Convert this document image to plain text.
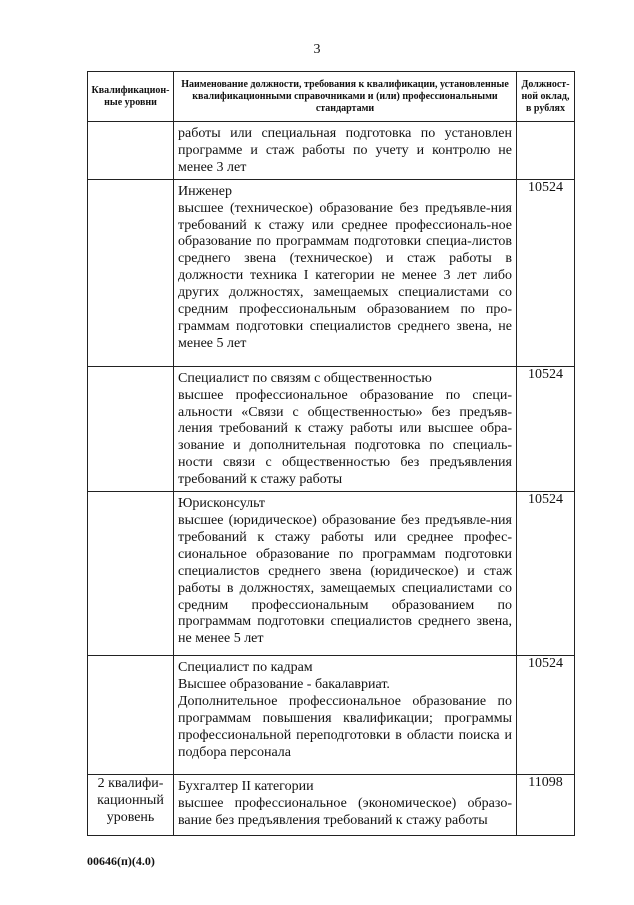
3
Квалификацион-ные уровни	Наименование должности, требования к квалификации, установленные квалификационными справочниками и (или) профессиональными стандартами	Должност-ной оклад, в рублях

	работы или специальная подготовка по установлен программе и стаж работы по учету и контролю не менее 3 лет	

	Инженер
высшее (техническое) образование без предъявле-ния требований к стажу или среднее профессиональ-ное образование по программам подготовки специа-листов среднего звена (техническое) и стаж работы в должности техника I категории не менее 3 лет либо других должностях, замещаемых специалистами со средним профессиональным образованием по про-граммам подготовки специалистов среднего звена, не менее 5 лет	10524

	Специалист по связям с общественностью
высшее профессиональное образование по специ-альности «Связи с общественностью» без предъяв-ления требований к стажу работы или высшее обра-зование и дополнительная подготовка по специаль-ности связи с общественностью без предъявления требований к стажу работы	10524

	Юрисконсульт
высшее (юридическое) образование без предъявле-ния требований к стажу работы или среднее профес-сиональное образование по программам подготовки специалистов среднего звена (юридическое) и стаж работы в должностях, замещаемых специалистами со средним профессиональным образованием по программам подготовки специалистов среднего звена, не менее 5 лет	10524

	Специалист по кадрам
Высшее образование - бакалавриат.
Дополнительное профессиональное образование по программам повышения квалификации; программы профессиональной переподготовки в области поиска и подбора персонала	10524
2 квалифи-кационный уровень	Бухгалтер II категории
высшее профессиональное (экономическое) образо-вание без предъявления требований к стажу работы	11098
00646(п)(4.0)
